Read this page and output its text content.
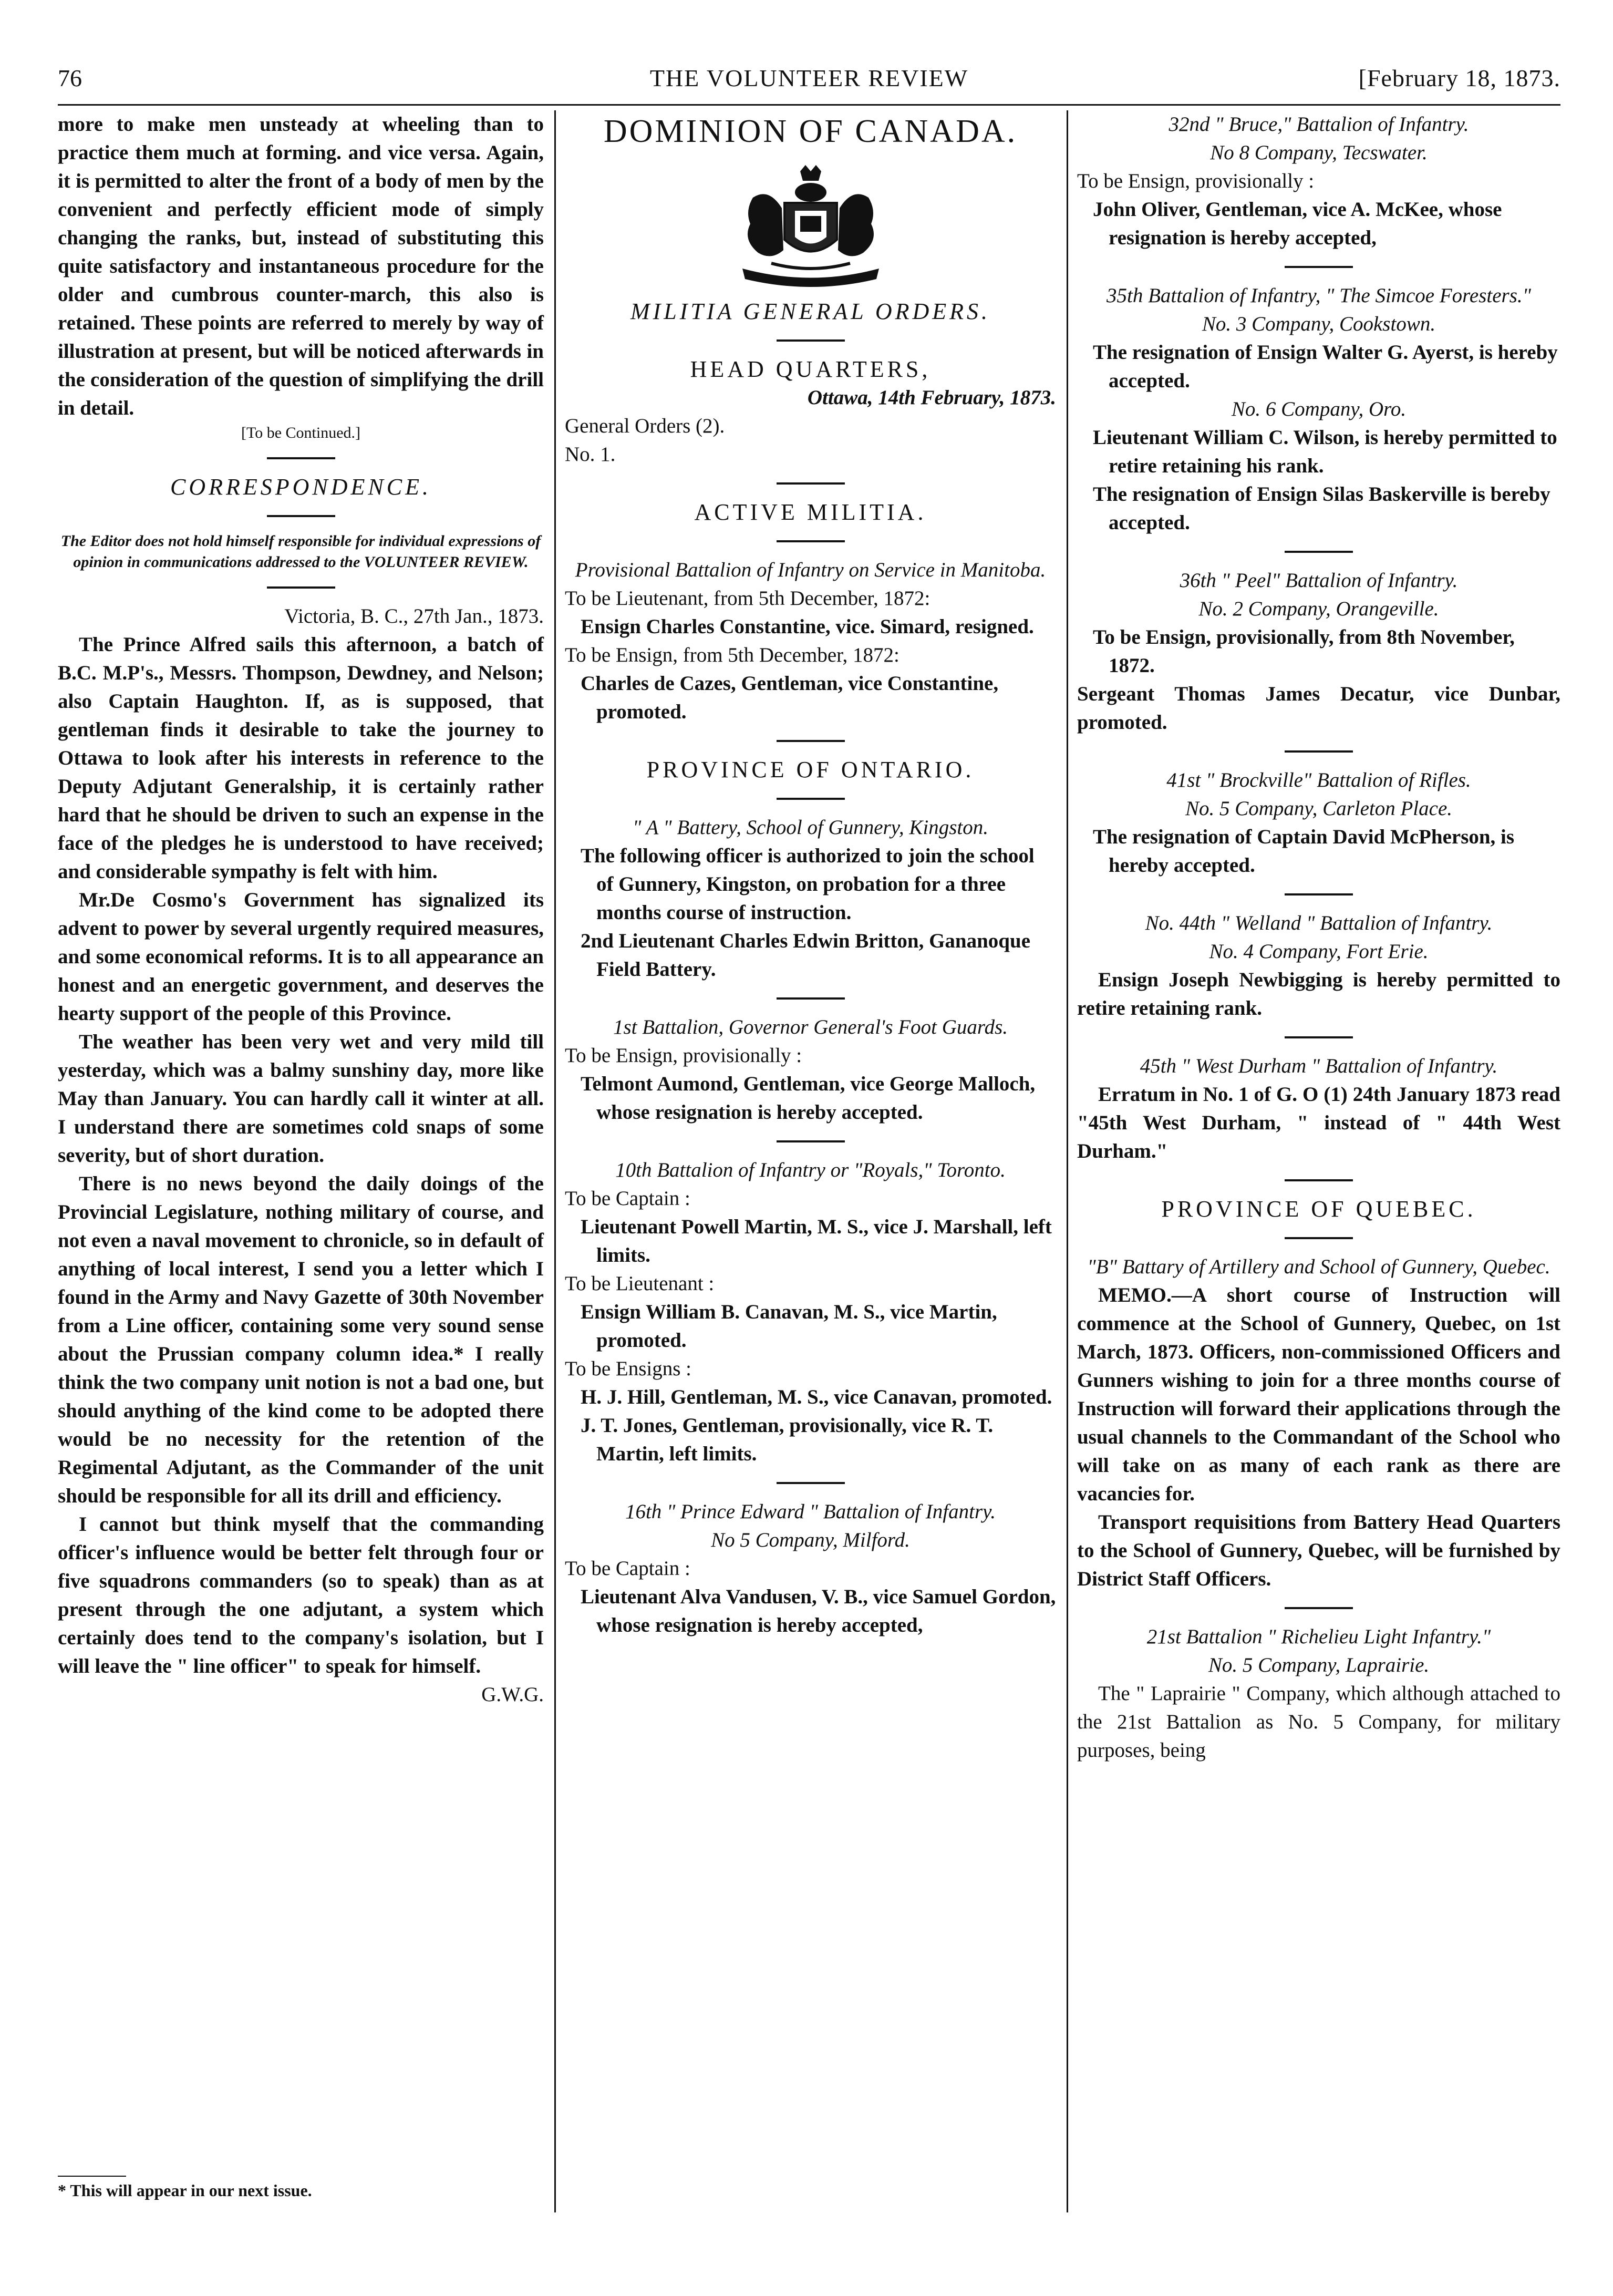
76	THE VOLUNTEER REVIEW	[February 18, 1873.

more to make men unsteady at wheeling than to practice them much at forming. and vice versa. Again, it is permitted to alter the front of a body of men by the convenient and perfectly efficient mode of simply changing the ranks, but, instead of substituting this quite satisfactory and instantaneous procedure for the older and cumbrous counter-march, this also is retained. These points are referred to merely by way of illustration at present, but will be noticed afterwards in the consideration of the question of simplifying the drill in detail.

[To be Continued.]

CORRESPONDENCE.

The Editor does not hold himself responsible for individual expressions of opinion in communications addressed to the VOLUNTEER REVIEW.

Victoria, B. C., 27th Jan., 1873.

The Prince Alfred sails this afternoon, a batch of B.C. M.P's., Messrs. Thompson, Dewdney, and Nelson; also Captain Haughton. If, as is supposed, that gentleman finds it desirable to take the journey to Ottawa to look after his interests in reference to the Deputy Adjutant Generalship, it is certainly rather hard that he should be driven to such an expense in the face of the pledges he is understood to have received; and considerable sympathy is felt with him.

Mr.De Cosmo's Government has signalized its advent to power by several urgently required measures, and some economical reforms. It is to all appearance an honest and an energetic government, and deserves the hearty support of the people of this Province.

The weather has been very wet and very mild till yesterday, which was a balmy sunshiny day, more like May than January. You can hardly call it winter at all. I understand there are sometimes cold snaps of some severity, but of short duration.

There is no news beyond the daily doings of the Provincial Legislature, nothing military of course, and not even a naval movement to chronicle, so in default of anything of local interest, I send you a letter which I found in the Army and Navy Gazette of 30th November from a Line officer, containing some very sound sense about the Prussian company column idea.* I really think the two company unit notion is not a bad one, but should anything of the kind come to be adopted there would be no necessity for the retention of the Regimental Adjutant, as the Commander of the unit should be responsible for all its drill and efficiency.

I cannot but think myself that the commanding officer's influence would be better felt through four or five squadrons commanders (so to speak) than as at present through the one adjutant, a system which certainly does tend to the company's isolation, but I will leave the " line officer" to speak for himself.

G.W.G.

* This will appear in our next issue.

DOMINION OF CANADA.

MILITIA GENERAL ORDERS.

HEAD QUARTERS,

Ottawa, 14th February, 1873.

General Orders (2).

No. 1.

ACTIVE MILITIA.

Provisional Battalion of Infantry on Service in Manitoba.

To be Lieutenant, from 5th December, 1872:

Ensign Charles Constantine, vice. Simard, resigned.

To be Ensign, from 5th December, 1872:

Charles de Cazes, Gentleman, vice Constantine, promoted.

PROVINCE OF ONTARIO.

" A " Battery, School of Gunnery, Kingston.

The following officer is authorized to join the school of Gunnery, Kingston, on probation for a three months course of instruction.

2nd Lieutenant Charles Edwin Britton, Gananoque Field Battery.

1st Battalion, Governor General's Foot Guards.

To be Ensign, provisionally :

Telmont Aumond, Gentleman, vice George Malloch, whose resignation is hereby accepted.

10th Battalion of Infantry or "Royals," Toronto.

To be Captain :

Lieutenant Powell Martin, M. S., vice J. Marshall, left limits.

To be Lieutenant :

Ensign William B. Canavan, M. S., vice Martin, promoted.

To be Ensigns :

H. J. Hill, Gentleman, M. S., vice Canavan, promoted.

J. T. Jones, Gentleman, provisionally, vice R. T. Martin, left limits.

16th " Prince Edward " Battalion of Infantry.

No 5 Company, Milford.

To be Captain :

Lieutenant Alva Vandusen, V. B., vice Samuel Gordon, whose resignation is hereby accepted,

32nd " Bruce," Battalion of Infantry.

No 8 Company, Tecswater.

To be Ensign, provisionally :

John Oliver, Gentleman, vice A. McKee, whose resignation is hereby accepted,

35th Battalion of Infantry, " The Simcoe Foresters."

No. 3 Company, Cookstown.

The resignation of Ensign Walter G. Ayerst, is hereby accepted.

No. 6 Company, Oro.

Lieutenant William C. Wilson, is hereby permitted to retire retaining his rank.

The resignation of Ensign Silas Baskerville is bereby accepted.

36th " Peel" Battalion of Infantry.

No. 2 Company, Orangeville.

To be Ensign, provisionally, from 8th November, 1872.

Sergeant Thomas James Decatur, vice Dunbar, promoted.

41st " Brockville" Battalion of Rifles.

No. 5 Company, Carleton Place.

The resignation of Captain David McPherson, is hereby accepted.

No. 44th " Welland " Battalion of Infantry.

No. 4 Company, Fort Erie.

Ensign Joseph Newbigging is hereby permitted to retire retaining rank.

45th " West Durham " Battalion of Infantry.

Erratum in No. 1 of G. O (1) 24th January 1873 read "45th West Durham, " instead of " 44th West Durham."

PROVINCE OF QUEBEC.

"B" Battary of Artillery and School of Gunnery, Quebec.

MEMO.—A short course of Instruction will commence at the School of Gunnery, Quebec, on 1st March, 1873. Officers, non-commissioned Officers and Gunners wishing to join for a three months course of Instruction will forward their applications through the usual channels to the Commandant of the School who will take on as many of each rank as there are vacancies for.

Transport requisitions from Battery Head Quarters to the School of Gunnery, Quebec, will be furnished by District Staff Officers.

21st Battalion " Richelieu Light Infantry."

No. 5 Company, Laprairie.

The " Laprairie " Company, which although attached to the 21st Battalion as No. 5 Company, for military purposes, being
